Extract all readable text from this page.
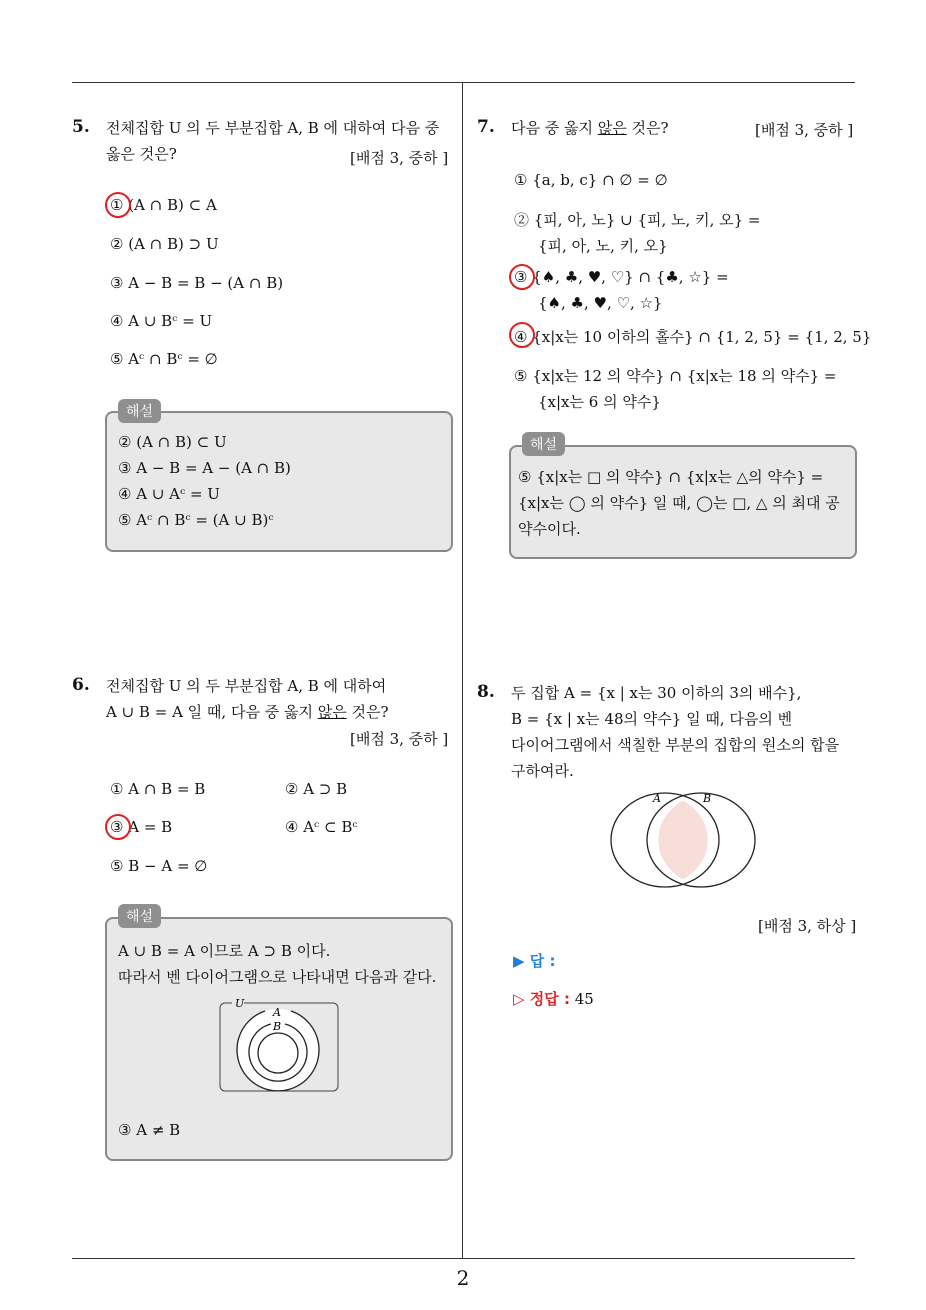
2
5. 전체집합 U 의 두 부분집합 A, B 에 대하여 다음 중
옳은 것은?	[배점 3, 중하 ]
① (A ∩ B) ⊂ A
② (A ∩ B) ⊃ U
③ A − B = B − (A ∩ B)
④ A ∪ Bᶜ = U
⑤ Aᶜ ∩ Bᶜ = ∅
해설
② (A ∩ B) ⊂ U
③ A − B = A − (A ∩ B)
④ A ∪ Aᶜ = U
⑤ Aᶜ ∩ Bᶜ = (A ∪ B)ᶜ
6. 전체집합 U 의 두 부분집합 A, B 에 대하여
A ∪ B = A 일 때, 다음 중 옳지 않은 것은?
[배점 3, 중하 ]
① A ∩ B = B	② A ⊃ B
③ A = B	④ Aᶜ ⊂ Bᶜ
⑤ B − A = ∅
해설
A ∪ B = A 이므로 A ⊃ B 이다.
따라서 벤 다이어그램으로 나타내면 다음과 같다.
U
A
B
③ A ≠ B
7. 다음 중 옳지 않은 것은?	[배점 3, 중하 ]
① {a, b, c} ∩ ∅ = ∅
② {피, 아, 노} ∪ {피, 노, 키, 오} =
{피, 아, 노, 키, 오}
③ {♠, ♣, ♥, ♡} ∩ {♣, ☆} =
{♠, ♣, ♥, ♡, ☆}
④ {x|x는 10 이하의 홀수} ∩ {1, 2, 5} = {1, 2, 5}
⑤ {x|x는 12 의 약수} ∩ {x|x는 18 의 약수} =
{x|x는 6 의 약수}
해설
⑤ {x|x는 □ 의 약수} ∩ {x|x는 △의 약수} =
{x|x는 ◯ 의 약수} 일 때, ◯는 □, △ 의 최대 공
약수이다.
8. 두 집합 A = {x | x는 30 이하의 3의 배수},
B = {x | x는 48의 약수} 일 때, 다음의 벤
다이어그램에서 색칠한 부분의 집합의 원소의 합을
구하여라.
A	B
[배점 3, 하상 ]
▶ 답 :
▷ 정답 : 45
